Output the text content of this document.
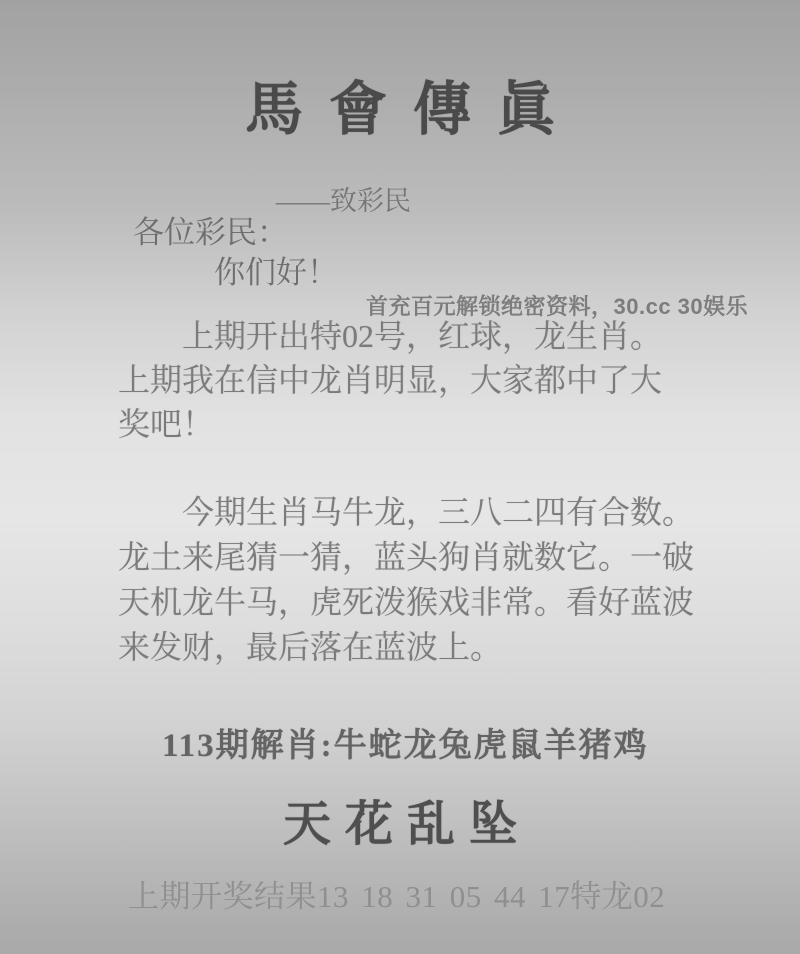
馬會傳眞
——致彩民
各位彩民：
你们好！
首充百元解锁绝密资料，30.cc 30娱乐
上期开出特02号，红球，龙生肖。
上期我在信中龙肖明显，大家都中了大
奖吧！
今期生肖马牛龙，三八二四有合数。
龙土来尾猜一猜，蓝头狗肖就数它。一破
天机龙牛马，虎死泼猴戏非常。看好蓝波
来发财，最后落在蓝波上。
113期解肖:牛蛇龙兔虎鼠羊猪鸡
天花乱坠
上期开奖结果13 18 31 05 44 17特龙02
